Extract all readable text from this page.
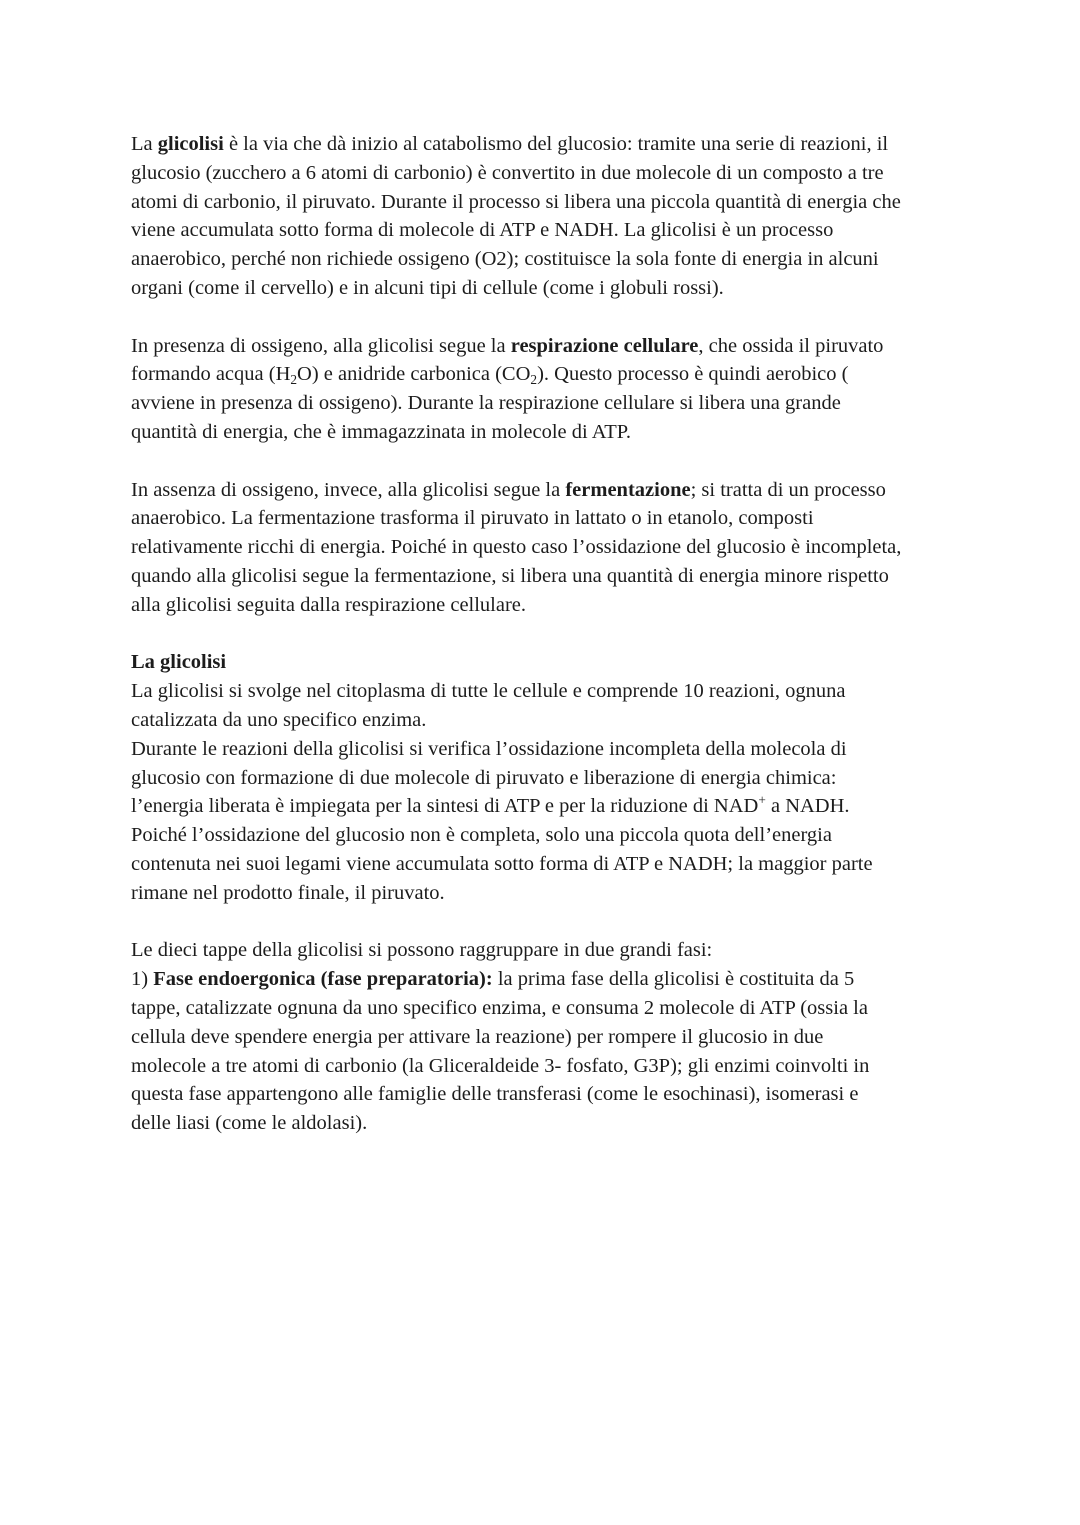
La glicolisi è la via che dà inizio al catabolismo del glucosio: tramite una serie di reazioni, il
glucosio (zucchero a 6 atomi di carbonio) è convertito in due molecole di un composto a tre
atomi di carbonio, il piruvato. Durante il processo si libera una piccola quantità di energia che
viene accumulata sotto forma di molecole di ATP e NADH. La glicolisi è un processo
anaerobico, perché non richiede ossigeno (O2); costituisce la sola fonte di energia in alcuni
organi (come il cervello) e in alcuni tipi di cellule (come i globuli rossi).
In presenza di ossigeno, alla glicolisi segue la respirazione cellulare, che ossida il piruvato
formando acqua $(H_2O)$ e anidride carbonica $(CO_2)$. Questo processo è quindi aerobico (
avviene in presenza di ossigeno). Durante la respirazione cellulare si libera una grande
quantità di energia, che è immagazzinata in molecole di ATP.
In assenza di ossigeno, invece, alla glicolisi segue la fermentazione; si tratta di un processo
anaerobico. La fermentazione trasforma il piruvato in lattato o in etanolo, composti
relativamente ricchi di energia. Poiché in questo caso l’ossidazione del glucosio è incompleta,
quando alla glicolisi segue la fermentazione, si libera una quantità di energia minore rispetto
alla glicolisi seguita dalla respirazione cellulare.
La glicolisi
La glicolisi si svolge nel citoplasma di tutte le cellule e comprende 10 reazioni, ognuna
catalizzata da uno specifico enzima.
Durante le reazioni della glicolisi si verifica l’ossidazione incompleta della molecola di
glucosio con formazione di due molecole di piruvato e liberazione di energia chimica:
l’energia liberata è impiegata per la sintesi di ATP e per la riduzione di NAD+ a NADH.
Poiché l’ossidazione del glucosio non è completa, solo una piccola quota dell’energia
contenuta nei suoi legami viene accumulata sotto forma di ATP e NADH; la maggior parte
rimane nel prodotto finale, il piruvato.
Le dieci tappe della glicolisi si possono raggruppare in due grandi fasi:
1) Fase endoergonica (fase preparatoria): la prima fase della glicolisi è costituita da 5
tappe, catalizzate ognuna da uno specifico enzima, e consuma 2 molecole di ATP (ossia la
cellula deve spendere energia per attivare la reazione) per rompere il glucosio in due
molecole a tre atomi di carbonio (la Gliceraldeide 3- fosfato, G3P); gli enzimi coinvolti in
questa fase appartengono alle famiglie delle transferasi (come le esochinasi), isomerasi e
delle liasi (come le aldolasi).
